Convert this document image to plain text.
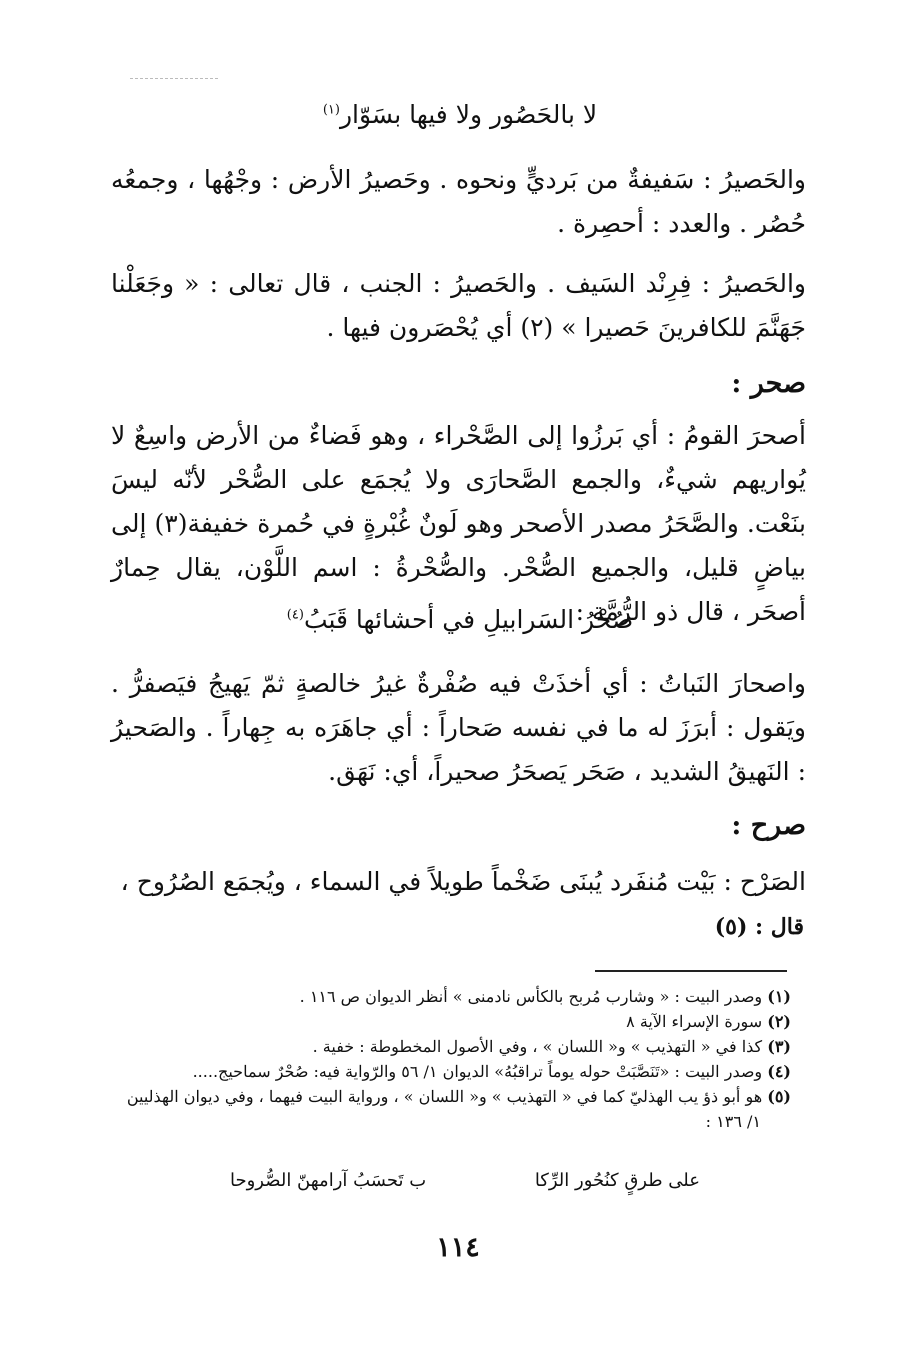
لا بالحَصُور ولا فيها بسَوّار$^{(١)}$
والحَصيرُ : سَفيفةٌ من بَرديٍّ ونحوه . وحَصيرُ الأرض : وجْهُها ، وجمعُه حُصُر . والعدد : أحصِرة .
والحَصيرُ : فِرِنْد السَيف . والحَصيرُ : الجنب ، قال تعالى : « وجَعَلْنا جَهَنَّمَ للكافرينَ حَصيرا » (٢) أي يُحْصَرون فيها .
صحر :
أصحرَ القومُ : أي بَرزُوا إلى الصَّحْراء ، وهو فَضاءٌ من الأرض واسِعٌ لا يُواريهم شيءٌ، والجمع الصَّحارَى ولا يُجمَع على الصُّحْر لأنّه ليسَ بنَعْت. والصَّحَرُ مصدر الأصحر وهو لَونٌ غُبْرةٍ في حُمرة خفيفة(٣) إلى بياضٍ قليل، والجميع الصُّحْر. والصُّحْرةُ : اسم اللَّوْن، يقال حِمارٌ أصحَر ، قال ذو الرُّمَّة :
صُحْرُ السَرابيلِ في أحشائها قَبَبُ$^{(٤)}$
واصحارَ النَباتُ : أي أخذَتْ فيه صُفْرةٌ غيرُ خالصةٍ ثمّ يَهيجُ فيَصفرُّ . ويَقول : أبرَزَ له ما في نفسه صَحاراً : أي جاهَرَه به جِهاراً . والصَحيرُ : النَهيقُ الشديد ، صَحَر يَصحَرُ صحيراً، أي: نَهَق.
صرح :
الصَرْح : بَيْت مُنفَرد يُبنَى ضَخْماً طويلاً في السماء ، ويُجمَع الصُرُوح ،
قال : (٥)
(١) وصدر البيت : « وشارب مُربح بالكأس نادمنى » أنظر الديوان ص ١١٦ .
(٢) سورة الإسراء الآية ٨
(٣) كذا في « التهذيب » و« اللسان » ، وفي الأصول المخطوطة : خفية .
(٤) وصدر البيت : «تَنَصَّبَتْ حوله يوماً تراقبُهُ» الديوان ١/ ٥٦ والرّواية فيه: صُحْرٌ سماحيج.....
(٥) هو أبو ذؤ يب الهذليّ كما في « التهذيب » و« اللسان » ، ورواية البيت فيهما ، وفي ديوان الهذليين
١/ ١٣٦ :
على طرقٍ كنُحُور الرِّكا
ب تَحسَبُ آرامهنّ الصُّروحا
١١٤
